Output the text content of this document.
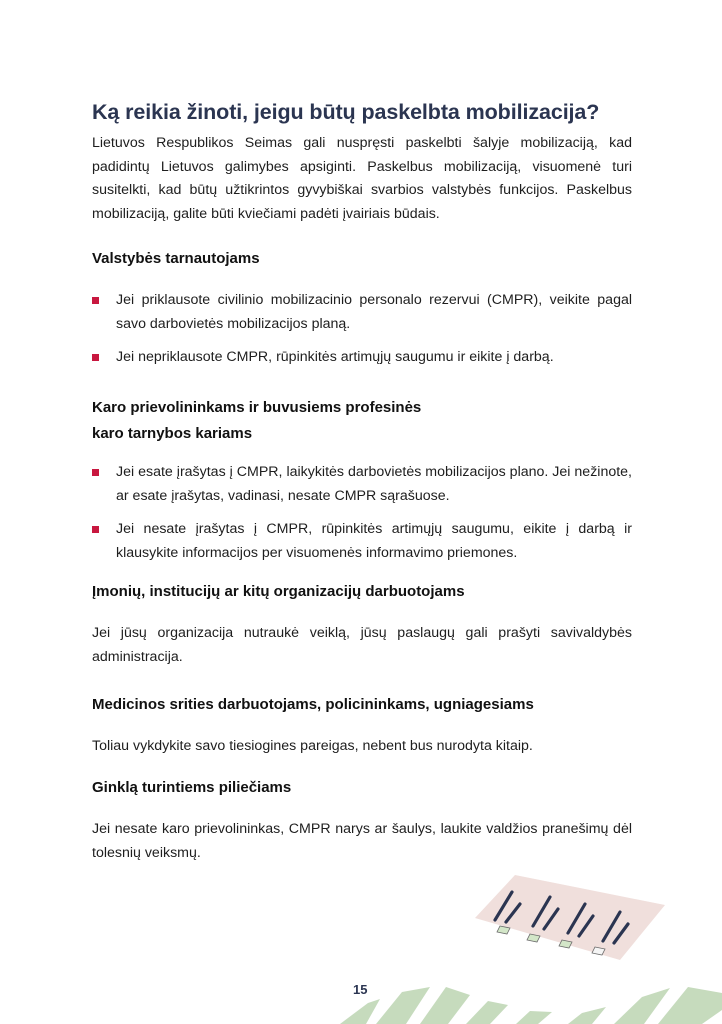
Ką reikia žinoti, jeigu būtų paskelbta mobilizacija?

Lietuvos Respublikos Seimas gali nuspręsti paskelbti šalyje mobilizaciją, kad padidintų Lietuvos galimybes apsiginti. Paskelbus mobilizaciją, visuomenė turi susitelkti, kad būtų užtikrintos gyvybiškai svarbios valstybės funkcijos. Paskelbus mobilizaciją, galite būti kviečiami padėti įvairiais būdais.

Valstybės tarnautojams
Jei priklausote civilinio mobilizacinio personalo rezervui (CMPR), veikite pagal savo darbovietės mobilizacijos planą.
Jei nepriklausote CMPR, rūpinkitės artimųjų saugumu ir eikite į darbą.
Karo prievolininkams ir buvusiems profesinės
karo tarnybos kariams
Jei esate įrašytas į CMPR, laikykitės darbovietės mobilizacijos plano. Jei nežinote, ar esate įrašytas, vadinasi, nesate CMPR sąrašuose.
Jei nesate įrašytas į CMPR, rūpinkitės artimųjų saugumu, eikite į darbą ir klausykite informacijos per visuomenės informavimo priemones.
Įmonių, institucijų ar kitų organizacijų darbuotojams

Jei jūsų organizacija nutraukė veiklą, jūsų paslaugų gali prašyti savivaldybės administracija.

Medicinos srities darbuotojams, policininkams, ugniagesiams

Toliau vykdykite savo tiesiogines pareigas, nebent bus nurodyta kitaip.

Ginklą turintiems piliečiams

Jei nesate karo prievolininkas, CMPR narys ar šaulys, laukite valdžios pranešimų dėl tolesnių veiksmų.

15
